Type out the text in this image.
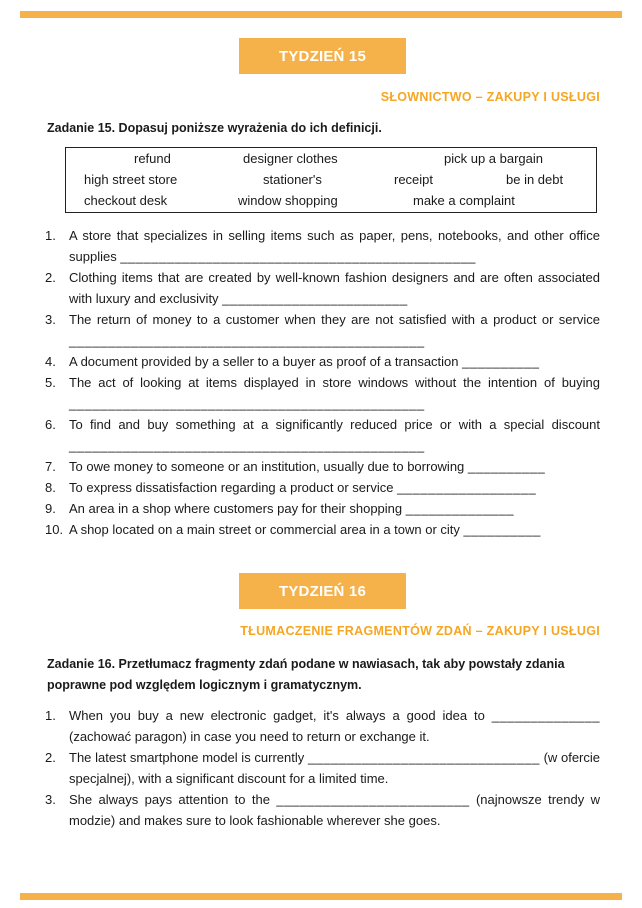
TYDZIEŃ 15
SŁOWNICTWO – ZAKUPY I USŁUGI
Zadanie 15. Dopasuj poniższe wyrażenia do ich definicji.
refund	designer clothes	pick up a bargain
high street store	stationer's	receipt	be in debt
checkout desk	window shopping	make a complaint
1. A store that specializes in selling items such as paper, pens, notebooks, and other office supplies ______________________________________________
2. Clothing items that are created by well-known fashion designers and are often associated with luxury and exclusivity ________________________
3. The return of money to a customer when they are not satisfied with a product or service ______________________________________________
4. A document provided by a seller to a buyer as proof of a transaction __________
5. The act of looking at items displayed in store windows without the intention of buying ______________________________________________
6. To find and buy something at a significantly reduced price or with a special discount ______________________________________________
7. To owe money to someone or an institution, usually due to borrowing __________
8. To express dissatisfaction regarding a product or service __________________
9. An area in a shop where customers pay for their shopping ______________
10. A shop located on a main street or commercial area in a town or city __________
TYDZIEŃ 16
TŁUMACZENIE FRAGMENTÓW ZDAŃ – ZAKUPY I USŁUGI
Zadanie 16. Przetłumacz fragmenty zdań podane w nawiasach, tak aby powstały zdania poprawne pod względem logicznym i gramatycznym.
1. When you buy a new electronic gadget, it's always a good idea to ______________ (zachować paragon) in case you need to return or exchange it.
2. The latest smartphone model is currently ______________________________ (w ofercie specjalnej), with a significant discount for a limited time.
3. She always pays attention to the _________________________ (najnowsze trendy w modzie) and makes sure to look fashionable wherever she goes.
